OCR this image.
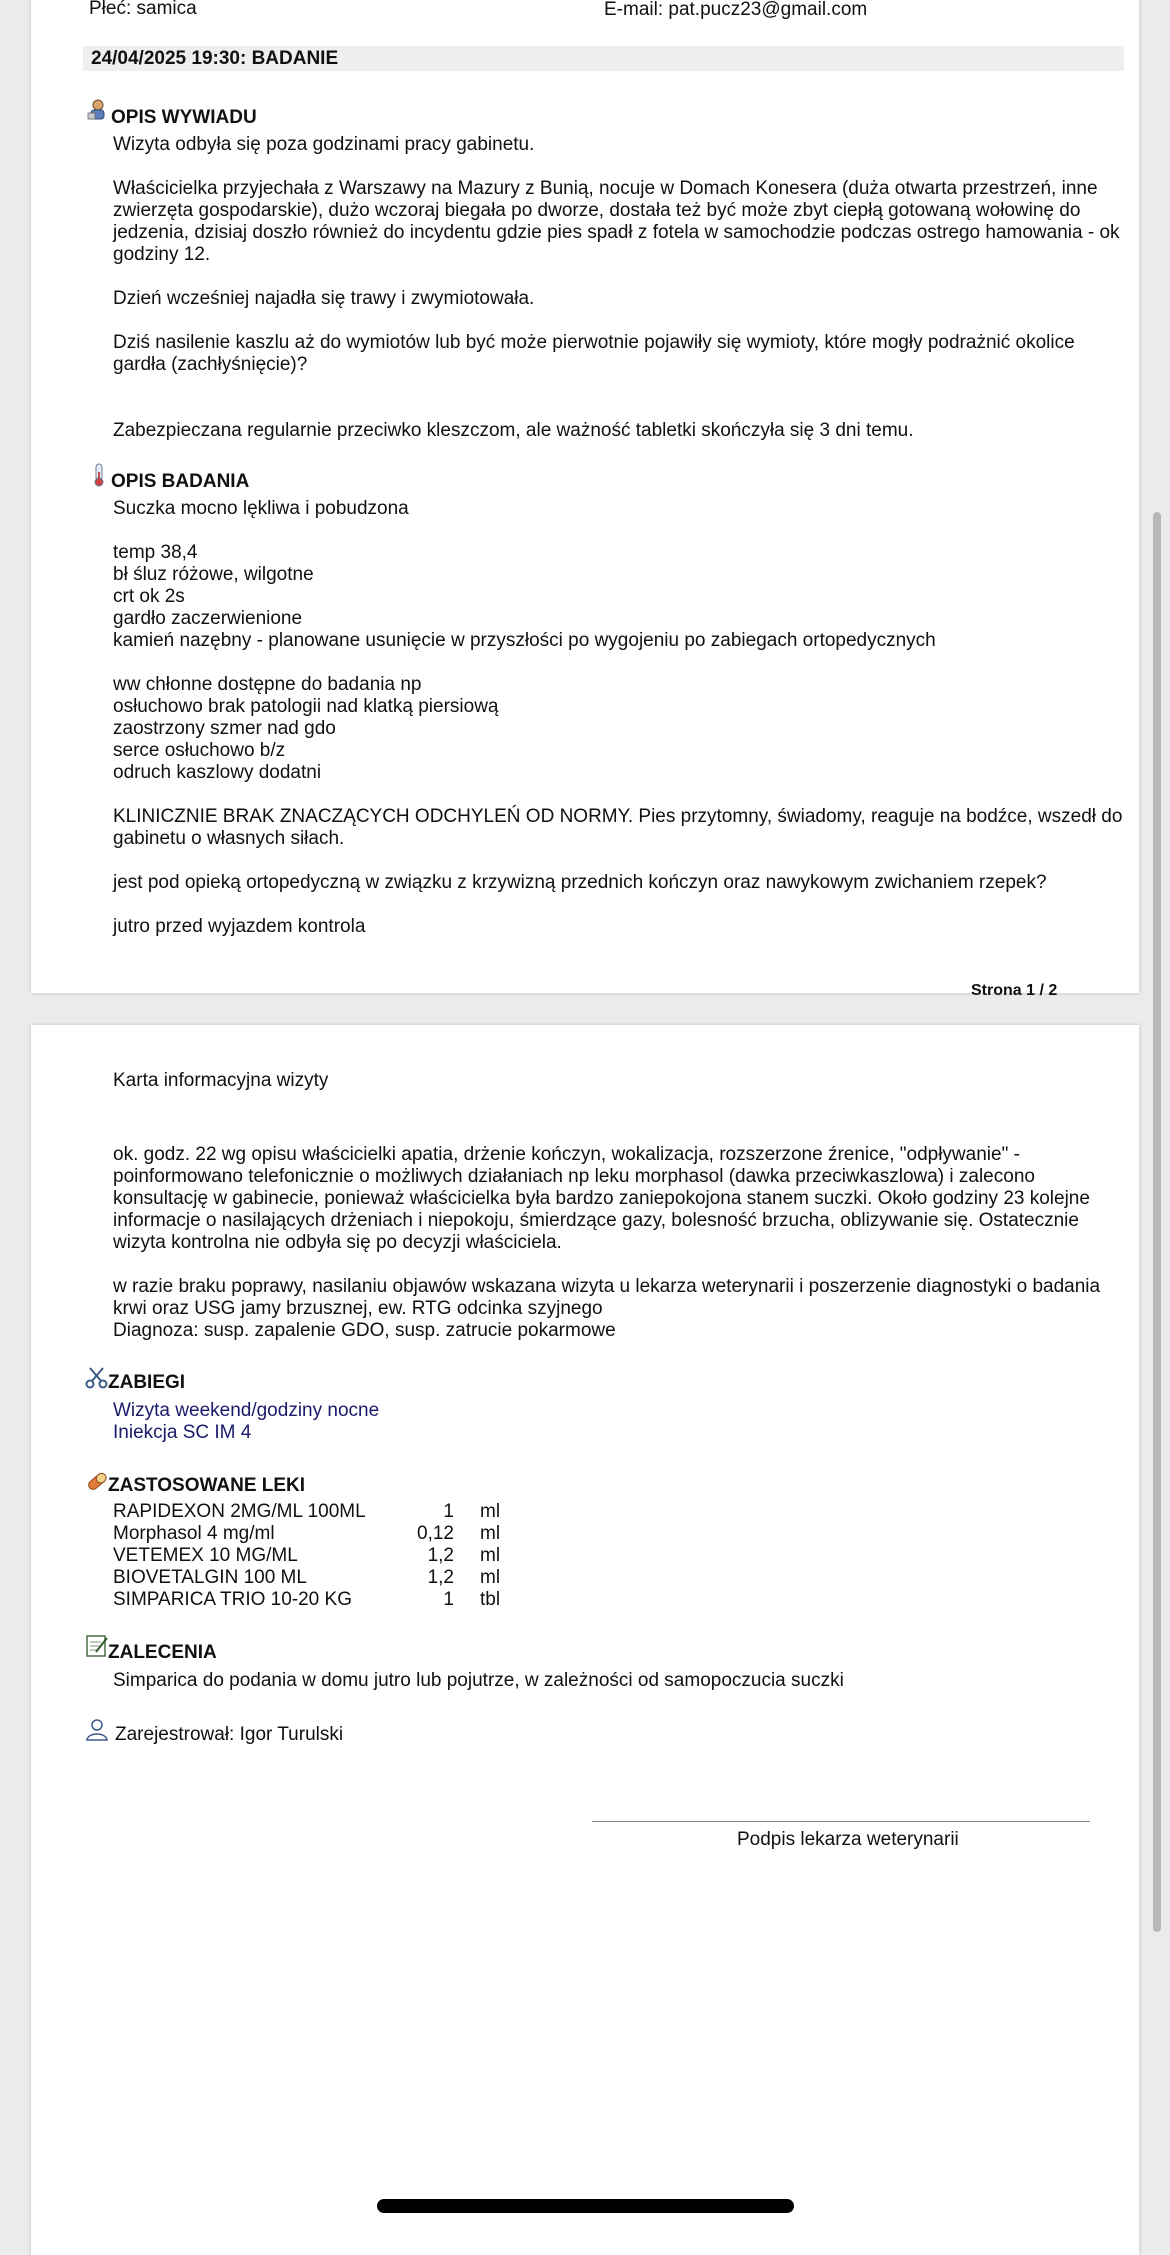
Płeć: samica	E-mail: pat.pucz23@gmail.com
24/04/2025 19:30: BADANIE
OPIS WYWIADU

Wizyta odbyła się poza godzinami pracy gabinetu.

Właścicielka przyjechała z Warszawy na Mazury z Bunią, nocuje w Domach Konesera (duża otwarta przestrzeń, inne zwierzęta gospodarskie), dużo wczoraj biegała po dworze, dostała też być może zbyt ciepłą gotowaną wołowinę do jedzenia, dzisiaj doszło również do incydentu gdzie pies spadł z fotela w samochodzie podczas ostrego hamowania - ok godziny 12.

Dzień wcześniej najadła się trawy i zwymiotowała.

Dziś nasilenie kaszlu aż do wymiotów lub być może pierwotnie pojawiły się wymioty, które mogły podrażnić okolice gardła (zachłyśnięcie)?

Zabezpieczana regularnie przeciwko kleszczom, ale ważność tabletki skończyła się 3 dni temu.

OPIS BADANIA

Suczka mocno lękliwa i pobudzona

temp 38,4

bł śluz różowe, wilgotne

crt ok 2s

gardło zaczerwienione

kamień nazębny - planowane usunięcie w przyszłości po wygojeniu po zabiegach ortopedycznych

ww chłonne dostępne do badania np

osłuchowo brak patologii nad klatką piersiową

zaostrzony szmer nad gdo

serce osłuchowo b/z

odruch kaszlowy dodatni

KLINICZNIE BRAK ZNACZĄCYCH ODCHYLEŃ OD NORMY. Pies przytomny, świadomy, reaguje na bodźce, wszedł do gabinetu o własnych siłach.

jest pod opieką ortopedyczną w związku z krzywizną przednich kończyn oraz nawykowym zwichaniem rzepek?

jutro przed wyjazdem kontrola

Strona 1 / 2
Karta informacyjna wizyty

ok. godz. 22 wg opisu właścicielki apatia, drżenie kończyn, wokalizacja, rozszerzone źrenice, "odpływanie" - poinformowano telefonicznie o możliwych działaniach np leku morphasol (dawka przeciwkaszlowa) i zalecono konsultację w gabinecie, ponieważ właścicielka była bardzo zaniepokojona stanem suczki. Około godziny 23 kolejne informacje o nasilających drżeniach i niepokoju, śmierdzące gazy, bolesność brzucha, oblizywanie się. Ostatecznie wizyta kontrolna nie odbyła się po decyzji właściciela.

w razie braku poprawy, nasilaniu objawów wskazana wizyta u lekarza weterynarii i poszerzenie diagnostyki o badania krwi oraz USG jamy brzusznej, ew. RTG odcinka szyjnego

Diagnoza: susp. zapalenie GDO, susp. zatrucie pokarmowe

ZABIEGI

Wizyta weekend/godziny nocne

Iniekcja SC IM 4

ZASTOSOWANE LEKI
RAPIDEXON 2MG/ML 100ML	1	ml
Morphasol 4 mg/ml	0,12	ml
VETEMEX 10 MG/ML	1,2	ml
BIOVETALGIN 100 ML	1,2	ml
SIMPARICA TRIO 10-20 KG	1	tbl
ZALECENIA
Simparica do podania w domu jutro lub pojutrze, w zależności od samopoczucia suczki
Zarejestrował: Igor Turulski
Podpis lekarza weterynarii
